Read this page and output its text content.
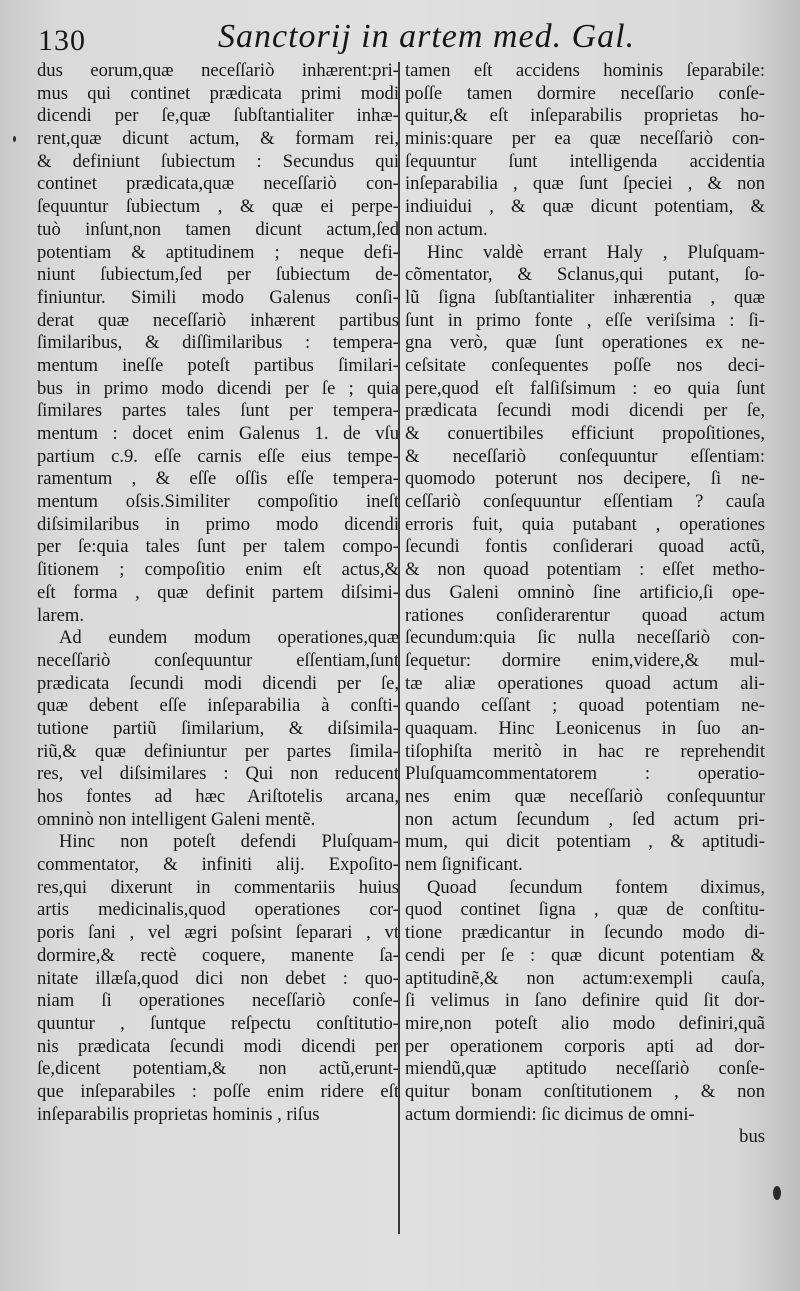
130	Sanctorij in artem med. Gal.
dus eorum,quæ neceſſariò inhærent:pri-
mus qui continet prædicata primi modi
dicendi per ſe,quæ ſubſtantialiter inhæ-
rent,quæ dicunt actum, & formam rei,
& definiunt ſubiectum : Secundus qui
continet prædicata,quæ neceſſariò con-
ſequuntur ſubiectum , & quæ ei perpe-
tuò inſunt,non tamen dicunt actum,ſed
potentiam & aptitudinem ; neque defi-
niunt ſubiectum,ſed per ſubiectum de-
finiuntur. Simili modo Galenus conſi-
derat quæ neceſſariò inhærent partibus
ſimilaribus, & diſſimilaribus : tempera-
mentum ineſſe poteſt partibus ſimilari-
bus in primo modo dicendi per ſe ; quia
ſimilares partes tales ſunt per tempera-
mentum : docet enim Galenus 1. de vſu
partium c.9. eſſe carnis eſſe eius tempe-
ramentum , & eſſe oſſis eſſe tempera-
mentum oſsis.Similiter compoſitio ineſt
diſsimilaribus in primo modo dicendi
per ſe:quia tales ſunt per talem compo-
ſitionem ; compoſitio enim eſt actus,&
eſt forma , quæ definit partem diſsimi-
larem.
Ad eundem modum operationes,quæ
neceſſariò conſequuntur eſſentiam,ſunt
prædicata ſecundi modi dicendi per ſe,
quæ debent eſſe inſeparabilia à conſti-
tutione partiũ ſimilarium, & diſsimila-
riũ,& quæ definiuntur per partes ſimila-
res, vel diſsimilares : Qui non reducent
hos fontes ad hæc Ariſtotelis arcana,
omninò non intelligent Galeni mentẽ.
Hinc non poteſt defendi Pluſquam-
commentator, & infiniti alij. Expoſito-
res,qui dixerunt in commentariis huius
artis medicinalis,quod operationes cor-
poris ſani , vel ægri poſsint ſeparari , vt
dormire,& rectè coquere, manente ſa-
nitate illæſa,quod dici non debet : quo-
niam ſi operationes neceſſariò conſe-
quuntur , ſuntque reſpectu conſtitutio-
nis prædicata ſecundi modi dicendi per
ſe,dicent potentiam,& non actũ,erunt-
que inſeparabiles : poſſe enim ridere eſt
inſeparabilis proprietas hominis , riſus
tamen eſt accidens hominis ſeparabile:
poſſe tamen dormire neceſſario conſe-
quitur,& eſt inſeparabilis proprietas ho-
minis:quare per ea quæ neceſſariò con-
ſequuntur ſunt intelligenda accidentia
inſeparabilia , quæ ſunt ſpeciei , & non
indiuidui , & quæ dicunt potentiam, &
non actum.
Hinc valdè errant Haly , Pluſquam-
cõmentator, & Sclanus,qui putant, ſo-
lũ ſigna ſubſtantialiter inhærentia , quæ
ſunt in primo fonte , eſſe veriſsima : ſi-
gna verò, quæ ſunt operationes ex ne-
ceſsitate conſequentes poſſe nos deci-
pere,quod eſt falſiſsimum : eo quia ſunt
prædicata ſecundi modi dicendi per ſe,
& conuertibiles efficiunt propoſitiones,
& neceſſariò conſequuntur eſſentiam:
quomodo poterunt nos decipere, ſi ne-
ceſſariò conſequuntur eſſentiam ? cauſa
erroris fuit, quia putabant , operationes
ſecundi fontis conſiderari quoad actũ,
& non quoad potentiam : eſſet metho-
dus Galeni omninò ſine artificio,ſi ope-
rationes conſiderarentur quoad actum
ſecundum:quia ſic nulla neceſſariò con-
ſequetur: dormire enim,videre,& mul-
tæ aliæ operationes quoad actum ali-
quando ceſſant ; quoad potentiam ne-
quaquam. Hinc Leonicenus in ſuo an-
tiſophiſta meritò in hac re reprehendit
Pluſquamcommentatorem : operatio-
nes enim quæ neceſſariò conſequuntur
non actum ſecundum , ſed actum pri-
mum, qui dicit potentiam , & aptitudi-
nem ſignificant.
Quoad ſecundum fontem diximus,
quod continet ſigna , quæ de conſtitu-
tione prædicantur in ſecundo modo di-
cendi per ſe : quæ dicunt potentiam &
aptitudinẽ,& non actum:exempli cauſa,
ſi velimus in ſano definire quid ſit dor-
mire,non poteſt alio modo definiri,quã
per operationem corporis apti ad dor-
miendũ,quæ aptitudo neceſſariò conſe-
quitur bonam conſtitutionem , & non
actum dormiendi: ſic dicimus de omni-
bus
